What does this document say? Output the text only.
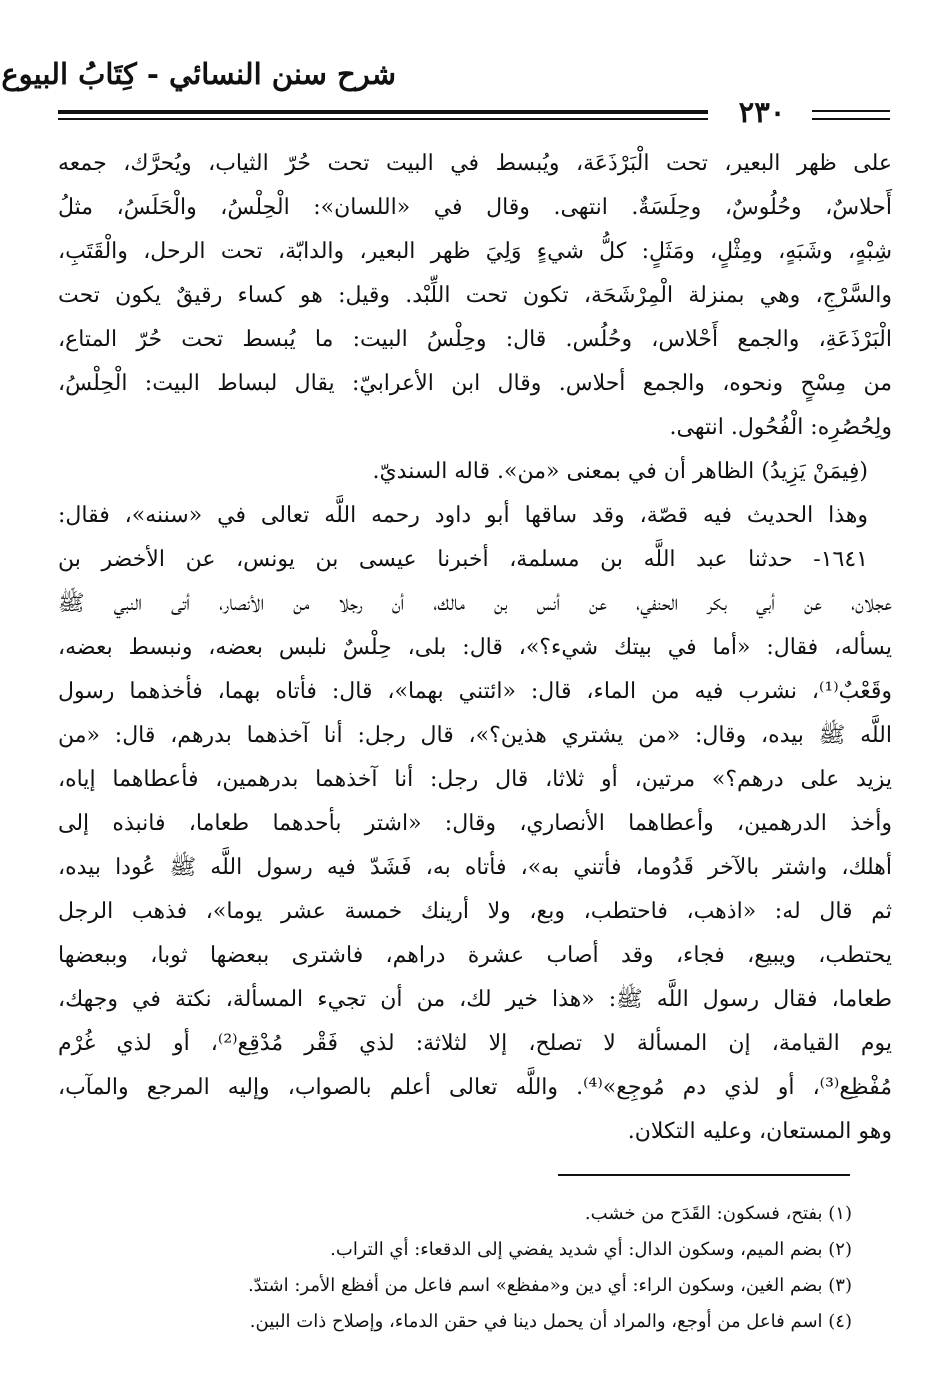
شرح سنن النسائي - كِتَابُ البيوع
٢٣٠
على ظهر البعير، تحت الْبَرْذَعَة، ويُبسط في البيت تحت حُرّ الثياب، ويُحرَّك، جمعه
أَحلاسٌ، وحُلُوسٌ، وحِلَسَةٌ. انتهى. وقال في «اللسان»: الْحِلْسُ، والْحَلَسُ، مثلُ
شِبْهٍ، وشَبَهٍ، ومِثْلٍ، ومَثَلٍ: كلُّ شيءٍ وَلِيَ ظهر البعير، والدابّة، تحت الرحل، والْقَتَبِ،
والسَّرْجِ، وهي بمنزلة الْمِرْشَحَة، تكون تحت اللِّبْد. وقيل: هو كساء رقيقٌ يكون تحت
الْبَرْذَعَةِ، والجمع أَحْلاس، وحُلُس. قال: وحِلْسُ البيت: ما يُبسط تحت حُرّ المتاع،
من مِسْحٍ ونحوه، والجمع أحلاس. وقال ابن الأعرابيّ: يقال لبساط البيت: الْحِلْسُ،
ولِحُصُرِه: الْفُحُول. انتهى.
(فِيمَنْ يَزِيدُ) الظاهر أن في بمعنى «من». قاله السنديّ.
وهذا الحديث فيه قصّة، وقد ساقها أبو داود رحمه اللَّه تعالى في «سننه»، فقال:
١٦٤١- حدثنا عبد اللَّه بن مسلمة، أخبرنا عيسى بن يونس، عن الأخضر بن
عجلان، عن أبي بكر الحنفي، عن أنس بن مالك، أن رجلا من الأنصار، أتى النبي ﷺ
يسأله، فقال: «أما في بيتك شيء؟»، قال: بلى، حِلْسٌ نلبس بعضه، ونبسط بعضه،
وقَعْبٌ⁽¹⁾، نشرب فيه من الماء، قال: «ائتني بهما»، قال: فأتاه بهما، فأخذهما رسول
اللَّه ﷺ بيده، وقال: «من يشتري هذين؟»، قال رجل: أنا آخذهما بدرهم، قال: «من
يزيد على درهم؟» مرتين، أو ثلاثا، قال رجل: أنا آخذهما بدرهمين، فأعطاهما إياه،
وأخذ الدرهمين، وأعطاهما الأنصاري، وقال: «اشتر بأحدهما طعاما، فانبذه إلى
أهلك، واشتر بالآخر قَدُوما، فأتني به»، فأتاه به، فَشَدّ فيه رسول اللَّه ﷺ عُودا بيده،
ثم قال له: «اذهب، فاحتطب، وبع، ولا أرينك خمسة عشر يوما»، فذهب الرجل
يحتطب، ويبيع، فجاء، وقد أصاب عشرة دراهم، فاشترى ببعضها ثوبا، وببعضها
طعاما، فقال رسول اللَّه ﷺ: «هذا خير لك، من أن تجيء المسألة، نكتة في وجهك،
يوم القيامة، إن المسألة لا تصلح، إلا لثلاثة: لذي فَقْر مُدْقِع⁽²⁾، أو لذي غُرْم
مُفْظِع⁽³⁾، أو لذي دم مُوجِع»⁽⁴⁾. واللَّه تعالى أعلم بالصواب، وإليه المرجع والمآب،
وهو المستعان، وعليه التكلان.
(١) بفتح، فسكون: القَدَح من خشب.
(٢) بضم الميم، وسكون الدال: أي شديد يفضي إلى الدقعاء: أي التراب.
(٣) بضم الغين، وسكون الراء: أي دين و«مفظع» اسم فاعل من أفظع الأمر: اشتدّ.
(٤) اسم فاعل من أوجع، والمراد أن يحمل دينا في حقن الدماء، وإصلاح ذات البين.
